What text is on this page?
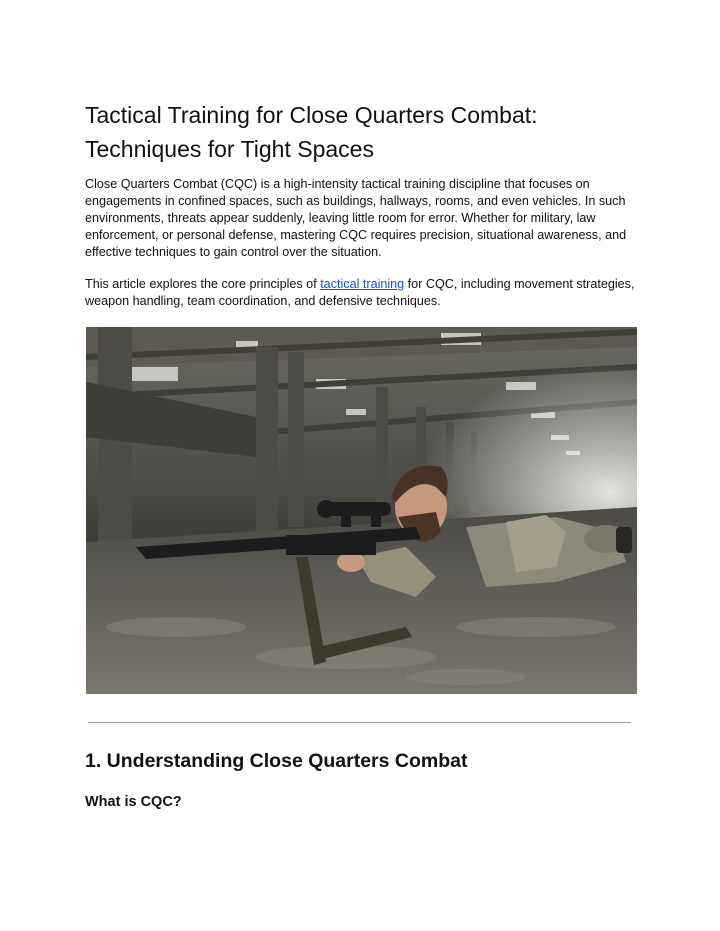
Tactical Training for Close Quarters Combat:
Techniques for Tight Spaces

Close Quarters Combat (CQC) is a high-intensity tactical training discipline that focuses on engagements in confined spaces, such as buildings, hallways, rooms, and even vehicles. In such environments, threats appear suddenly, leaving little room for error. Whether for military, law enforcement, or personal defense, mastering CQC requires precision, situational awareness, and effective techniques to gain control over the situation.

This article explores the core principles of tactical training for CQC, including movement strategies, weapon handling, team coordination, and defensive techniques.

1. Understanding Close Quarters Combat
What is CQC?
